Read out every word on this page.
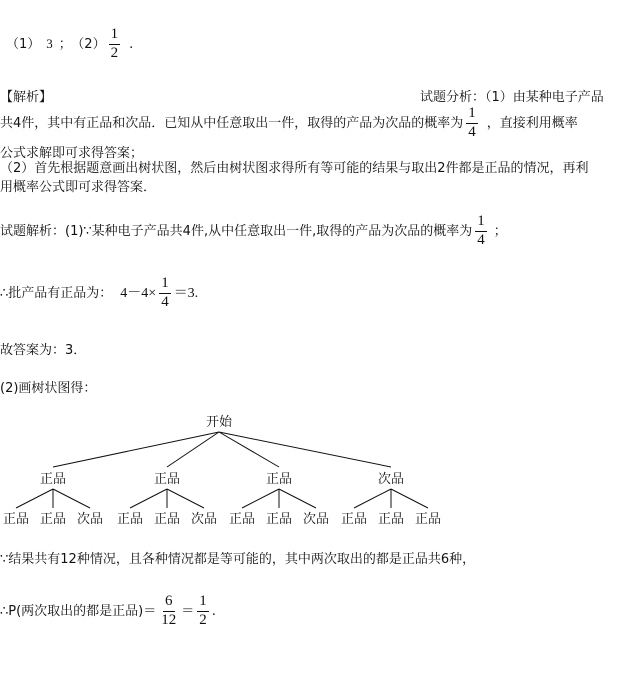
（1） 3 ； $(2) \frac{1}{2}$ .
【解析】	试题分析：（1）由某种电子产品
共4件，其中有正品和次品．已知从中任意取出一件，取得的产品为次品的概率为 $\frac{1}{4}$ ，直接利用概率
公式求解即可求得答案；
（2）首先根据题意画出树状图，然后由树状图求得所有等可能的结果与取出2件都是正品的情况，再利
用概率公式即可求得答案．
试题解析：(1)∵某种电子产品共4件,从中任意取出一件,取得的产品为次品的概率为 $\frac{1}{4}$ ；
∴批产品有正品为： $4-4\times \frac{1}{4} =3$.
故答案为：3．
(2)画树状图得：
开始
正品	正品	正品	次品
正品 正品 次品 正品 正品 次品 正品 正品 次品 正品 正品 正品
∵结果共有12种情况，且各种情况都是等可能的，其中两次取出的都是正品共6种，
∴P(两次取出的都是正品)＝ $\frac{6}{12} = \frac{1}{2}$ .
